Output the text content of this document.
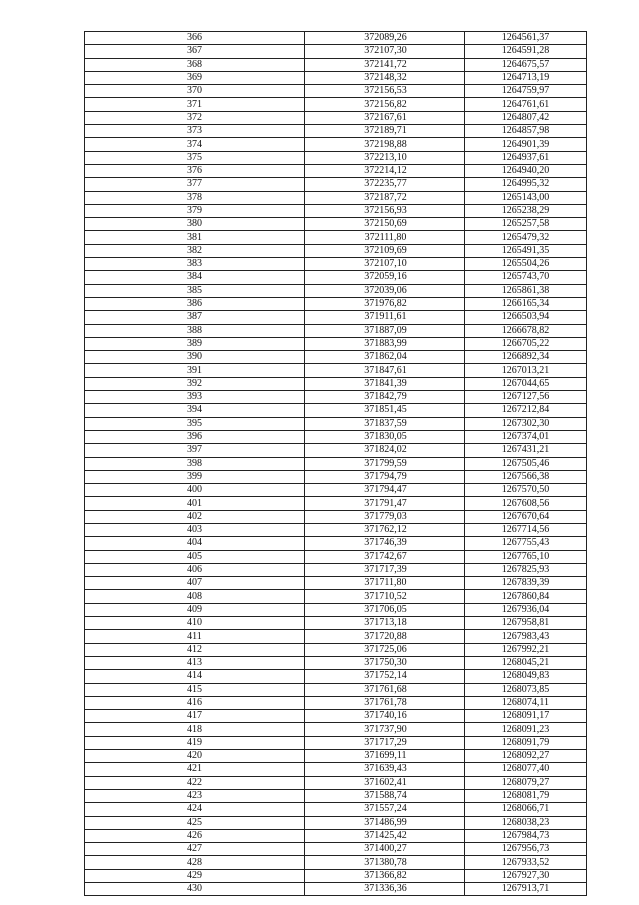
366	372089,26	1264561,37
367	372107,30	1264591,28
368	372141,72	1264675,57
369	372148,32	1264713,19
370	372156,53	1264759,97
371	372156,82	1264761,61
372	372167,61	1264807,42
373	372189,71	1264857,98
374	372198,88	1264901,39
375	372213,10	1264937,61
376	372214,12	1264940,20
377	372235,77	1264995,32
378	372187,72	1265143,00
379	372156,93	1265238,29
380	372150,69	1265257,58
381	372111,80	1265479,32
382	372109,69	1265491,35
383	372107,10	1265504,26
384	372059,16	1265743,70
385	372039,06	1265861,38
386	371976,82	1266165,34
387	371911,61	1266503,94
388	371887,09	1266678,82
389	371883,99	1266705,22
390	371862,04	1266892,34
391	371847,61	1267013,21
392	371841,39	1267044,65
393	371842,79	1267127,56
394	371851,45	1267212,84
395	371837,59	1267302,30
396	371830,05	1267374,01
397	371824,02	1267431,21
398	371799,59	1267505,46
399	371794,79	1267566,38
400	371794,47	1267570,50
401	371791,47	1267608,56
402	371779,03	1267670,64
403	371762,12	1267714,56
404	371746,39	1267755,43
405	371742,67	1267765,10
406	371717,39	1267825,93
407	371711,80	1267839,39
408	371710,52	1267860,84
409	371706,05	1267936,04
410	371713,18	1267958,81
411	371720,88	1267983,43
412	371725,06	1267992,21
413	371750,30	1268045,21
414	371752,14	1268049,83
415	371761,68	1268073,85
416	371761,78	1268074,11
417	371740,16	1268091,17
418	371737,90	1268091,23
419	371717,29	1268091,79
420	371699,11	1268092,27
421	371639,43	1268077,40
422	371602,41	1268079,27
423	371588,74	1268081,79
424	371557,24	1268066,71
425	371486,99	1268038,23
426	371425,42	1267984,73
427	371400,27	1267956,73
428	371380,78	1267933,52
429	371366,82	1267927,30
430	371336,36	1267913,71
